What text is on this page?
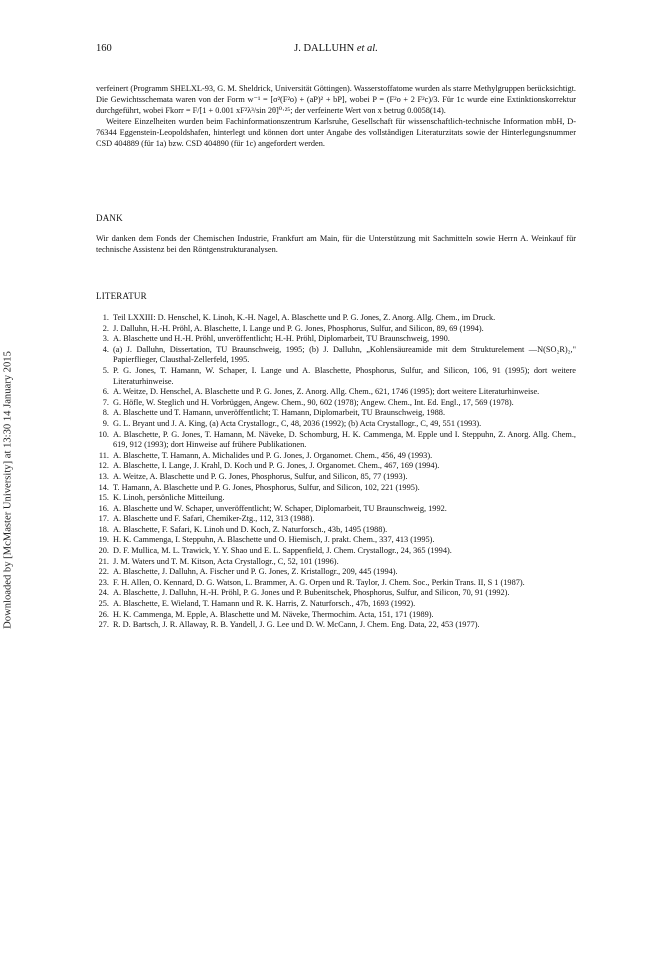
Downloaded by [McMaster University] at 13:30 14 January 2015
160	J. DALLUHN et al.

verfeinert (Programm SHELXL-93, G. M. Sheldrick, Universität Göttingen). Wasserstoffatome wurden als starre Methylgruppen berücksichtigt. Die Gewichtsschemata waren von der Form w⁻¹ = [σ²(F²o) + (aP)² + bP], wobei P = (F²o + 2 F²c)/3. Für 1c wurde eine Extinktionskorrektur durchgeführt, wobei Fkorr = F/[1 + 0.001 xF²λ³/sin 2θ]⁰·²⁵; der verfeinerte Wert von x betrug 0.0058(14).

Weitere Einzelheiten wurden beim Fachinformationszentrum Karlsruhe, Gesellschaft für wissenschaftlich-technische Information mbH, D-76344 Eggenstein-Leopoldshafen, hinterlegt und können dort unter Angabe des vollständigen Literaturzitats sowie der Hinterlegungsnummer CSD 404889 (für 1a) bzw. CSD 404890 (für 1c) angefordert werden.

DANK
Wir danken dem Fonds der Chemischen Industrie, Frankfurt am Main, für die Unterstützung mit Sachmitteln sowie Herrn A. Weinkauf für technische Assistenz bei den Röntgenstrukturanalysen.
LITERATUR
1. Teil LXXIII: D. Henschel, K. Linoh, K.-H. Nagel, A. Blaschette und P. G. Jones, Z. Anorg. Allg. Chem., im Druck.
2. J. Dalluhn, H.-H. Pröhl, A. Blaschette, I. Lange und P. G. Jones, Phosphorus, Sulfur, and Silicon, 89, 69 (1994).
3. A. Blaschette und H.-H. Pröhl, unveröffentlicht; H.-H. Pröhl, Diplomarbeit, TU Braunschweig, 1990.
4. (a) J. Dalluhn, Dissertation, TU Braunschweig, 1995; (b) J. Dalluhn, „Kohlensäureamide mit dem Strukturelement —N(SO₂R)₂," Papierflieger, Clausthal-Zellerfeld, 1995.
5. P. G. Jones, T. Hamann, W. Schaper, I. Lange und A. Blaschette, Phosphorus, Sulfur, and Silicon, 106, 91 (1995); dort weitere Literaturhinweise.
6. A. Weitze, D. Henschel, A. Blaschette und P. G. Jones, Z. Anorg. Allg. Chem., 621, 1746 (1995); dort weitere Literaturhinweise.
7. G. Höfle, W. Steglich und H. Vorbrüggen, Angew. Chem., 90, 602 (1978); Angew. Chem., Int. Ed. Engl., 17, 569 (1978).
8. A. Blaschette und T. Hamann, unveröffentlicht; T. Hamann, Diplomarbeit, TU Braunschweig, 1988.
9. G. L. Bryant und J. A. King, (a) Acta Crystallogr., C, 48, 2036 (1992); (b) Acta Crystallogr., C, 49, 551 (1993).
10. A. Blaschette, P. G. Jones, T. Hamann, M. Näveke, D. Schomburg, H. K. Cammenga, M. Epple und I. Steppuhn, Z. Anorg. Allg. Chem., 619, 912 (1993); dort Hinweise auf frühere Publikationen.
11. A. Blaschette, T. Hamann, A. Michalides und P. G. Jones, J. Organomet. Chem., 456, 49 (1993).
12. A. Blaschette, I. Lange, J. Krahl, D. Koch und P. G. Jones, J. Organomet. Chem., 467, 169 (1994).
13. A. Weitze, A. Blaschette und P. G. Jones, Phosphorus, Sulfur, and Silicon, 85, 77 (1993).
14. T. Hamann, A. Blaschette und P. G. Jones, Phosphorus, Sulfur, and Silicon, 102, 221 (1995).
15. K. Linoh, persönliche Mitteilung.
16. A. Blaschette und W. Schaper, unveröffentlicht; W. Schaper, Diplomarbeit, TU Braunschweig, 1992.
17. A. Blaschette und F. Safari, Chemiker-Ztg., 112, 313 (1988).
18. A. Blaschette, F. Safari, K. Linoh und D. Koch, Z. Naturforsch., 43b, 1495 (1988).
19. H. K. Cammenga, I. Steppuhn, A. Blaschette und O. Hiemisch, J. prakt. Chem., 337, 413 (1995).
20. D. F. Mullica, M. L. Trawick, Y. Y. Shao und E. L. Sappenfield, J. Chem. Crystallogr., 24, 365 (1994).
21. J. M. Waters und T. M. Kitson, Acta Crystallogr., C, 52, 101 (1996).
22. A. Blaschette, J. Dalluhn, A. Fischer und P. G. Jones, Z. Kristallogr., 209, 445 (1994).
23. F. H. Allen, O. Kennard, D. G. Watson, L. Brammer, A. G. Orpen und R. Taylor, J. Chem. Soc., Perkin Trans. II, S 1 (1987).
24. A. Blaschette, J. Dalluhn, H.-H. Pröhl, P. G. Jones und P. Bubenitschek, Phosphorus, Sulfur, and Silicon, 70, 91 (1992).
25. A. Blaschette, E. Wieland, T. Hamann und R. K. Harris, Z. Naturforsch., 47b, 1693 (1992).
26. H. K. Cammenga, M. Epple, A. Blaschette und M. Näveke, Thermochim. Acta, 151, 171 (1989).
27. R. D. Bartsch, J. R. Allaway, R. B. Yandell, J. G. Lee und D. W. McCann, J. Chem. Eng. Data, 22, 453 (1977).
